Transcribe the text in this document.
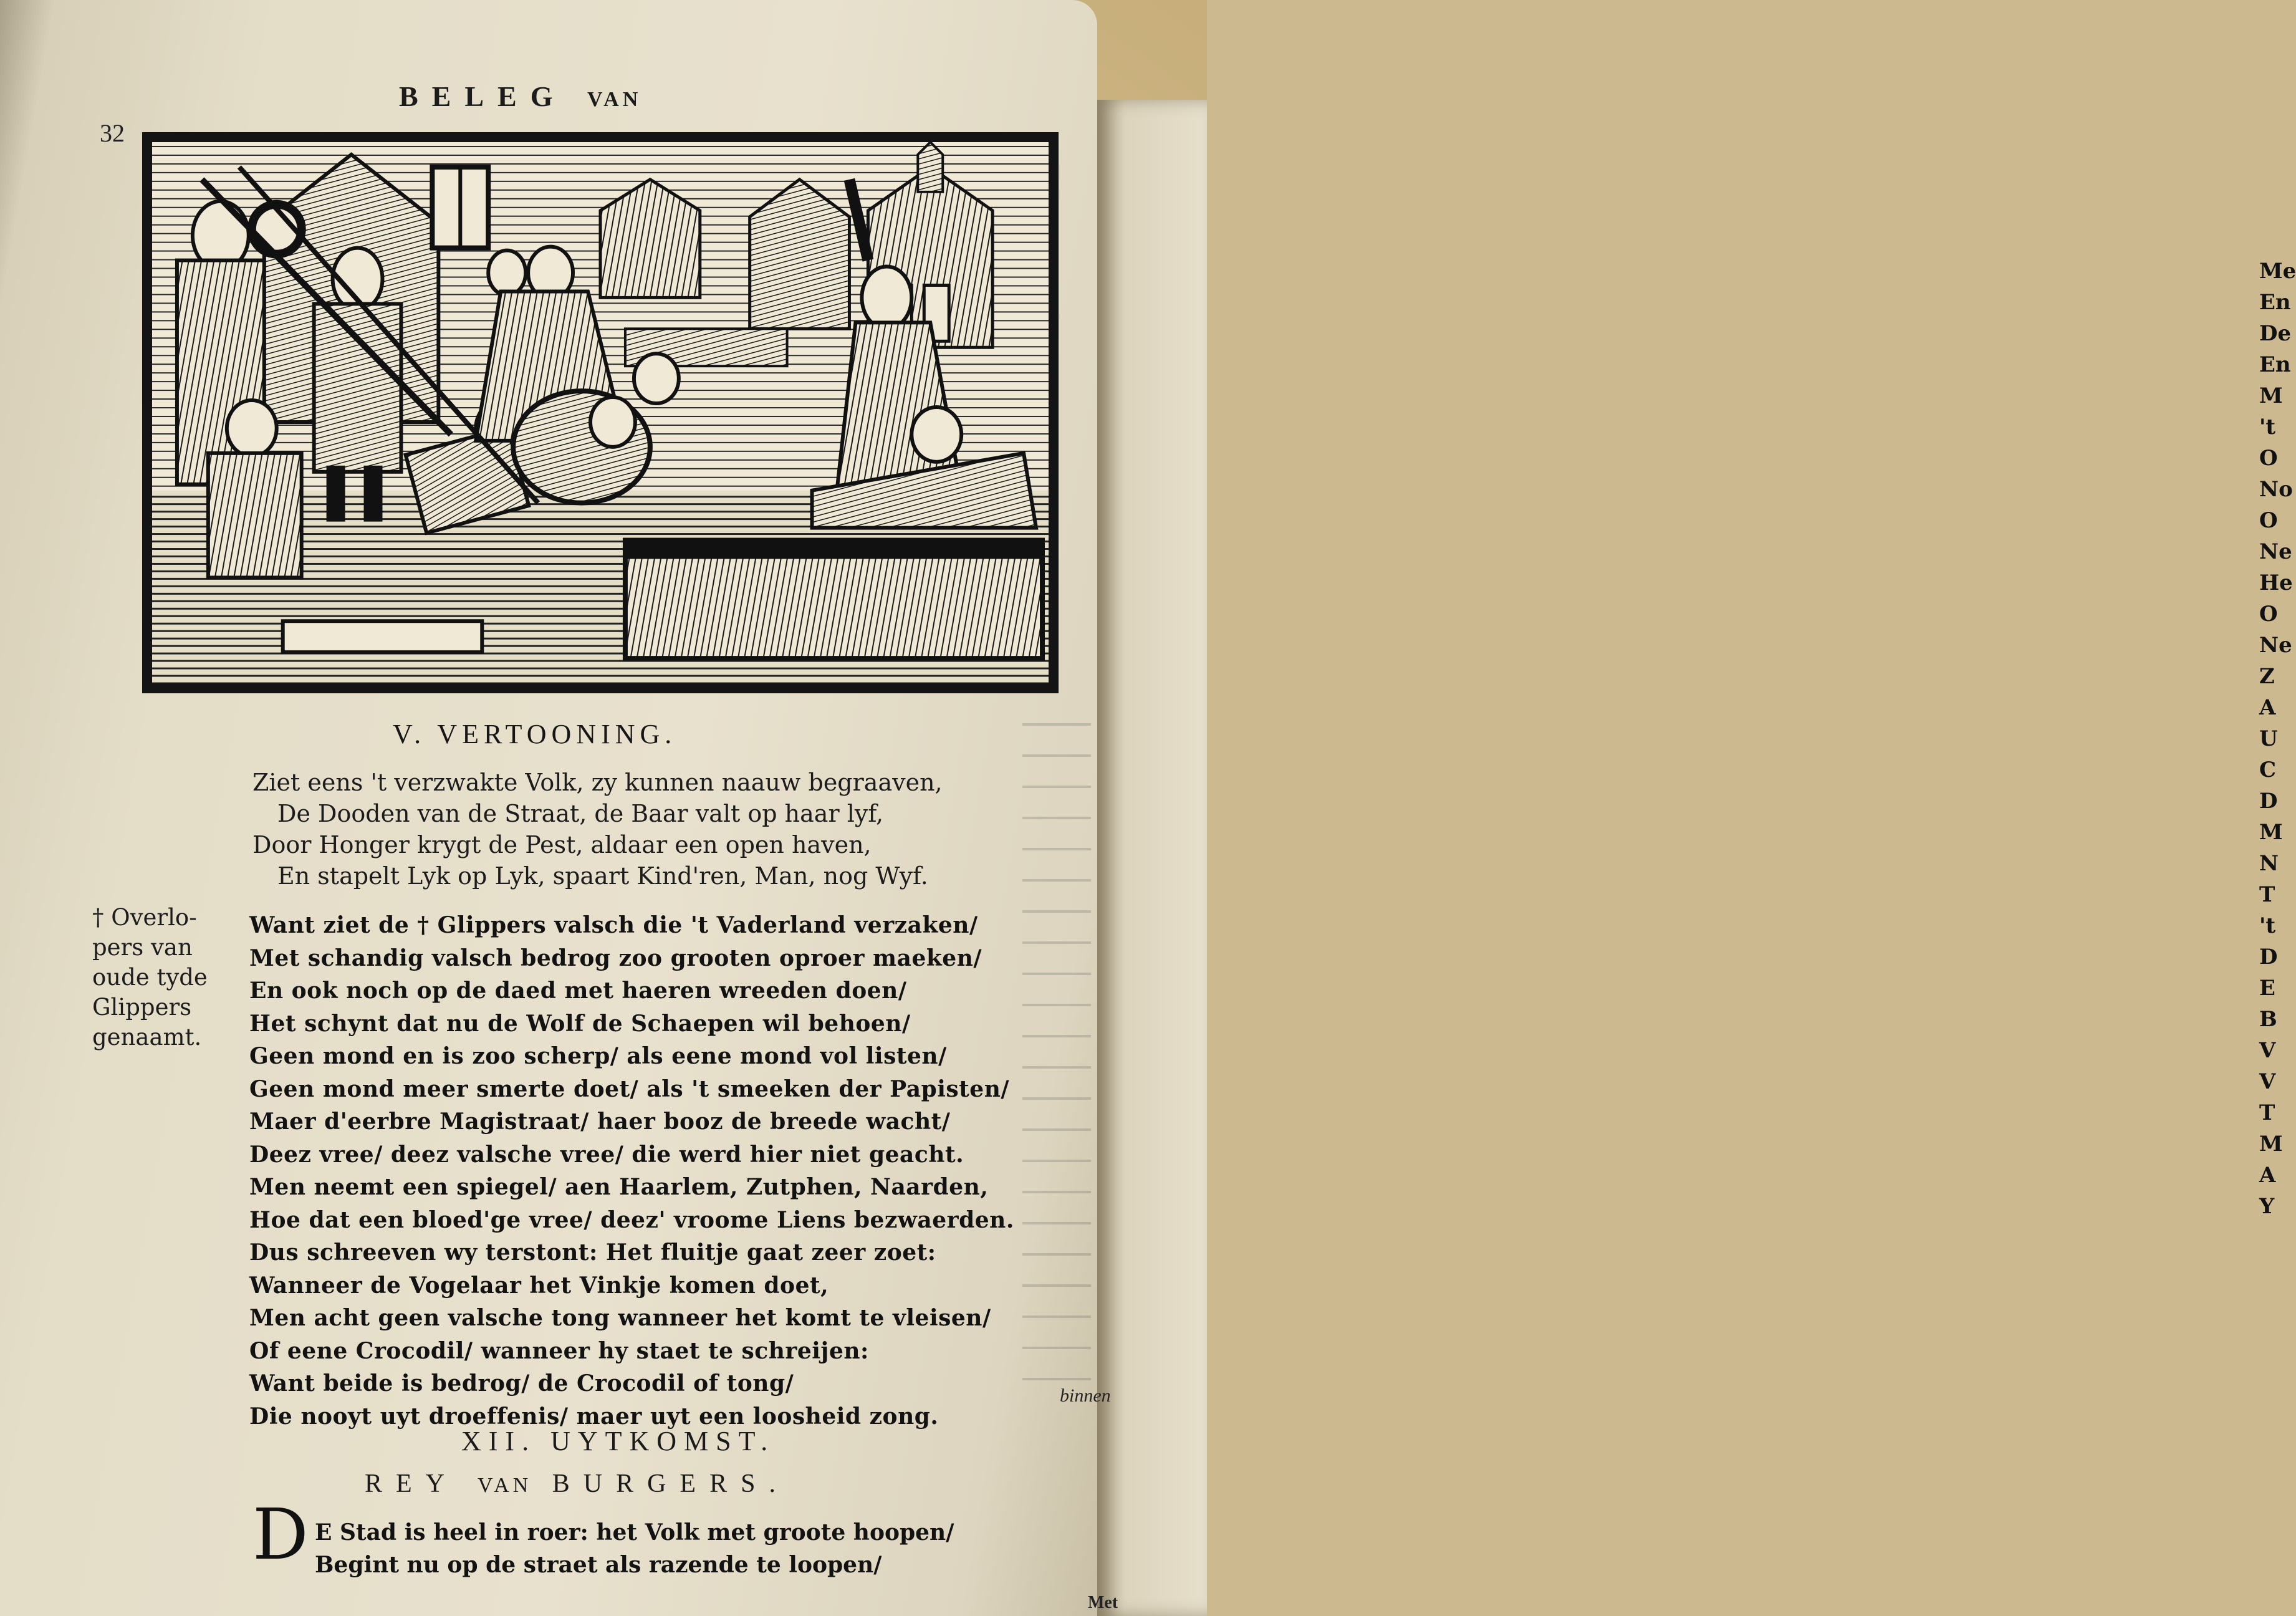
Me
En
De
En
M
't
O
No
O
Ne
He
O
Ne
Z
A
U
C
D
M
N
T
't
D
E
B
V
V
T
M
A
Y
BELEG VAN
32
V. VERTOONING.
Ziet eens 't verzwakte Volk, zy kunnen naauw begraaven,
De Dooden van de Straat, de Baar valt op haar lyf,
Door Honger krygt de Pest, aldaar een open haven,
En stapelt Lyk op Lyk, spaart Kind'ren, Man, nog Wyf.
† Overlo-
pers van
oude tyde
Glippers
genaamt.
Want ziet de † Glippers valsch die 't Vaderland verzaken/
Met schandig valsch bedrog zoo grooten oproer maeken/
En ook noch op de daed met haeren wreeden doen/
Het schynt dat nu de Wolf de Schaepen wil behoen/
Geen mond en is zoo scherp/ als eene mond vol listen/
Geen mond meer smerte doet/ als 't smeeken der Papisten/
Maer d'eerbre Magistraat/ haer booz de breede wacht/
Deez vree/ deez valsche vree/ die werd hier niet geacht.
Men neemt een spiegel/ aen Haarlem, Zutphen, Naarden,
Hoe dat een bloed'ge vree/ deez' vroome Liens bezwaerden.
Dus schreeven wy terstont: Het fluitje gaat zeer zoet:
Wanneer de Vogelaar het Vinkje komen doet,
Men acht geen valsche tong wanneer het komt te vleisen/
Of eene Crocodil/ wanneer hy staet te schreijen:
Want beide is bedrog/ de Crocodil of tong/
Die nooyt uyt droeffenis/ maer uyt een loosheid zong.
binnen
XII. UYTKOMST.
REY VAN BURGERS.
D E Stad is heel in roer: het Volk met groote hoopen/
Begint nu op de straet als razende te loopen/
Met
